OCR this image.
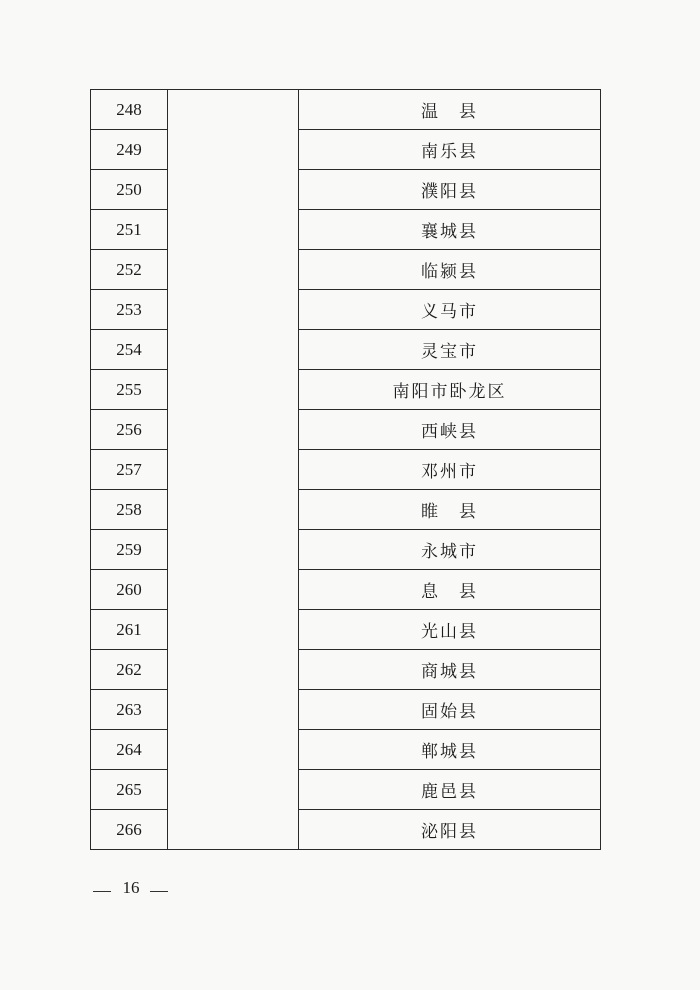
248		温　县
249		南乐县
250		濮阳县
251		襄城县
252		临颍县
253		义马市
254		灵宝市
255		南阳市卧龙区
256		西峡县
257		邓州市
258		睢　县
259		永城市
260		息　县
261		光山县
262		商城县
263		固始县
264		郸城县
265		鹿邑县
266		泌阳县
16
